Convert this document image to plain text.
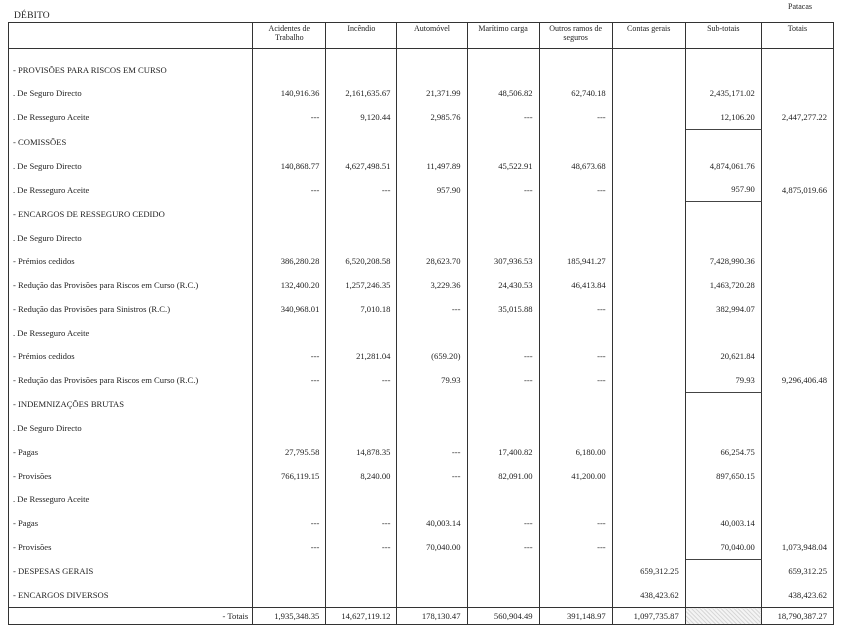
Patacas
DÉBITO
	Acidentes de Trabalho	Incêndio	Automóvel	Marítimo carga	Outros ramos de seguros	Contas gerais	Sub-totais	Totais

- PROVISÕES PARA RISCOS EM CURSO								
. De Seguro Directo	140,916.36	2,161,635.67	21,371.99	48,506.82	62,740.18		2,435,171.02	
. De Resseguro Aceite	---	9,120.44	2,985.76	---	---		12,106.20	2,447,277.22
- COMISSÕES								
. De Seguro Directo	140,868.77	4,627,498.51	11,497.89	45,522.91	48,673.68		4,874,061.76	
. De Resseguro Aceite	---	---	957.90	---	---		957.90	4,875,019.66
- ENCARGOS DE RESSEGURO CEDIDO								
. De Seguro Directo								
- Prémios cedidos	386,280.28	6,520,208.58	28,623.70	307,936.53	185,941.27		7,428,990.36	
- Redução das Provisões para Riscos em Curso (R.C.)	132,400.20	1,257,246.35	3,229.36	24,430.53	46,413.84		1,463,720.28	
- Redução das Provisões para Sinistros (R.C.)	340,968.01	7,010.18	---	35,015.88	---		382,994.07	
. De Resseguro Aceite								
- Prémios cedidos	---	21,281.04	(659.20)	---	---		20,621.84	
- Redução das Provisões para Riscos em Curso (R.C.)	---	---	79.93	---	---		79.93	9,296,406.48
- INDEMNIZAÇÕES BRUTAS								
. De Seguro Directo								
- Pagas	27,795.58	14,878.35	---	17,400.82	6,180.00		66,254.75	
- Provisões	766,119.15	8,240.00	---	82,091.00	41,200.00		897,650.15	
. De Resseguro Aceite								
- Pagas	---	---	40,003.14	---	---		40,003.14	
- Provisões	---	---	70,040.00	---	---		70,040.00	1,073,948.04
- DESPESAS GERAIS						659,312.25		659,312.25
- ENCARGOS DIVERSOS						438,423.62		438,423.62
- Totais	1,935,348.35	14,627,119.12	178,130.47	560,904.49	391,148.97	1,097,735.87		18,790,387.27
